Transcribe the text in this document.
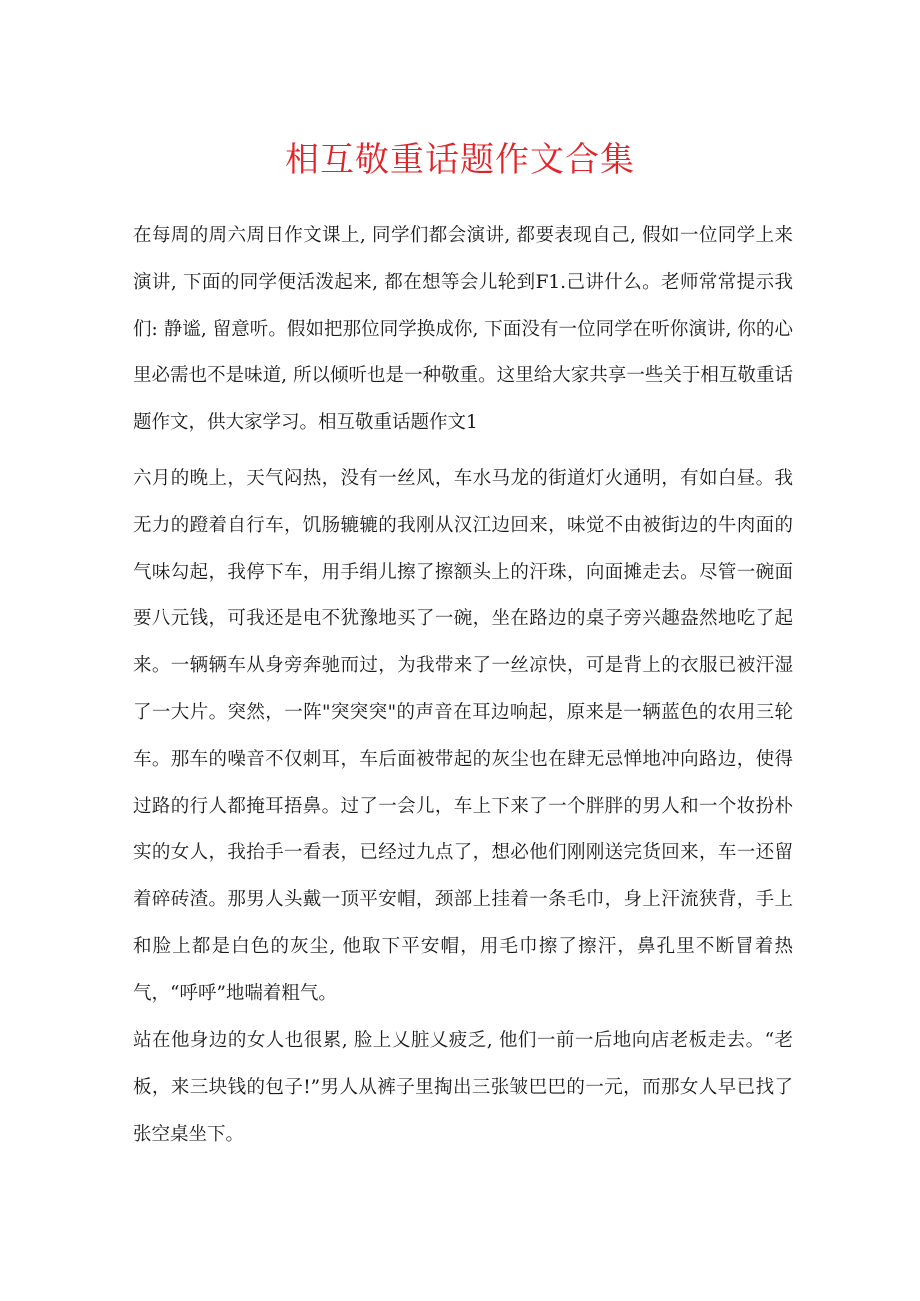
相互敬重话题作文合集

在每周的周六周日作文课上, 同学们都会演讲, 都要表现自己, 假如一位同学上来演讲, 下面的同学便活泼起来, 都在想等会儿轮到F1.己讲什么。老师常常提示我们: 静谧, 留意听。假如把那位同学换成你, 下面没有一位同学在听你演讲, 你的心里必需也不是味道, 所以倾听也是一种敬重。这里给大家共享一些关于相互敬重话题作文，供大家学习。相互敬重话题作文1

六月的晚上，天气闷热，没有一丝风，车水马龙的街道灯火通明，有如白昼。我无力的蹬着自行车，饥肠辘辘的我刚从汉江边回来，味觉不由被街边的牛肉面的气味勾起，我停下车，用手绢儿擦了擦额头上的汗珠，向面摊走去。尽管一碗面要八元钱，可我还是电不犹豫地买了一碗，坐在路边的桌子旁兴趣盎然地吃了起来。一辆辆车从身旁奔驰而过，为我带来了一丝凉快，可是背上的衣服已被汗湿了一大片。突然，一阵"突突突"的声音在耳边响起，原来是一辆蓝色的农用三轮车。那车的噪音不仅刺耳，车后面被带起的灰尘也在肆无忌惮地冲向路边，使得过路的行人都掩耳捂鼻。过了一会儿，车上下来了一个胖胖的男人和一个妆扮朴实的女人，我抬手一看表，已经过九点了，想必他们刚刚送完货回来，车一还留着碎砖渣。那男人头戴一顶平安帽，颈部上挂着一条毛巾，身上汗流狭背，手上和脸上都是白色的灰尘, 他取下平安帽，用毛巾擦了擦汗，鼻孔里不断冒着热气，“呼呼”地喘着粗气。

站在他身边的女人也很累, 脸上乂脏乂疲乏, 他们一前一后地向店老板走去。“老板，来三块钱的包子!”男人从裤子里掏出三张皱巴巴的一元，而那女人早已找了张空桌坐下。
